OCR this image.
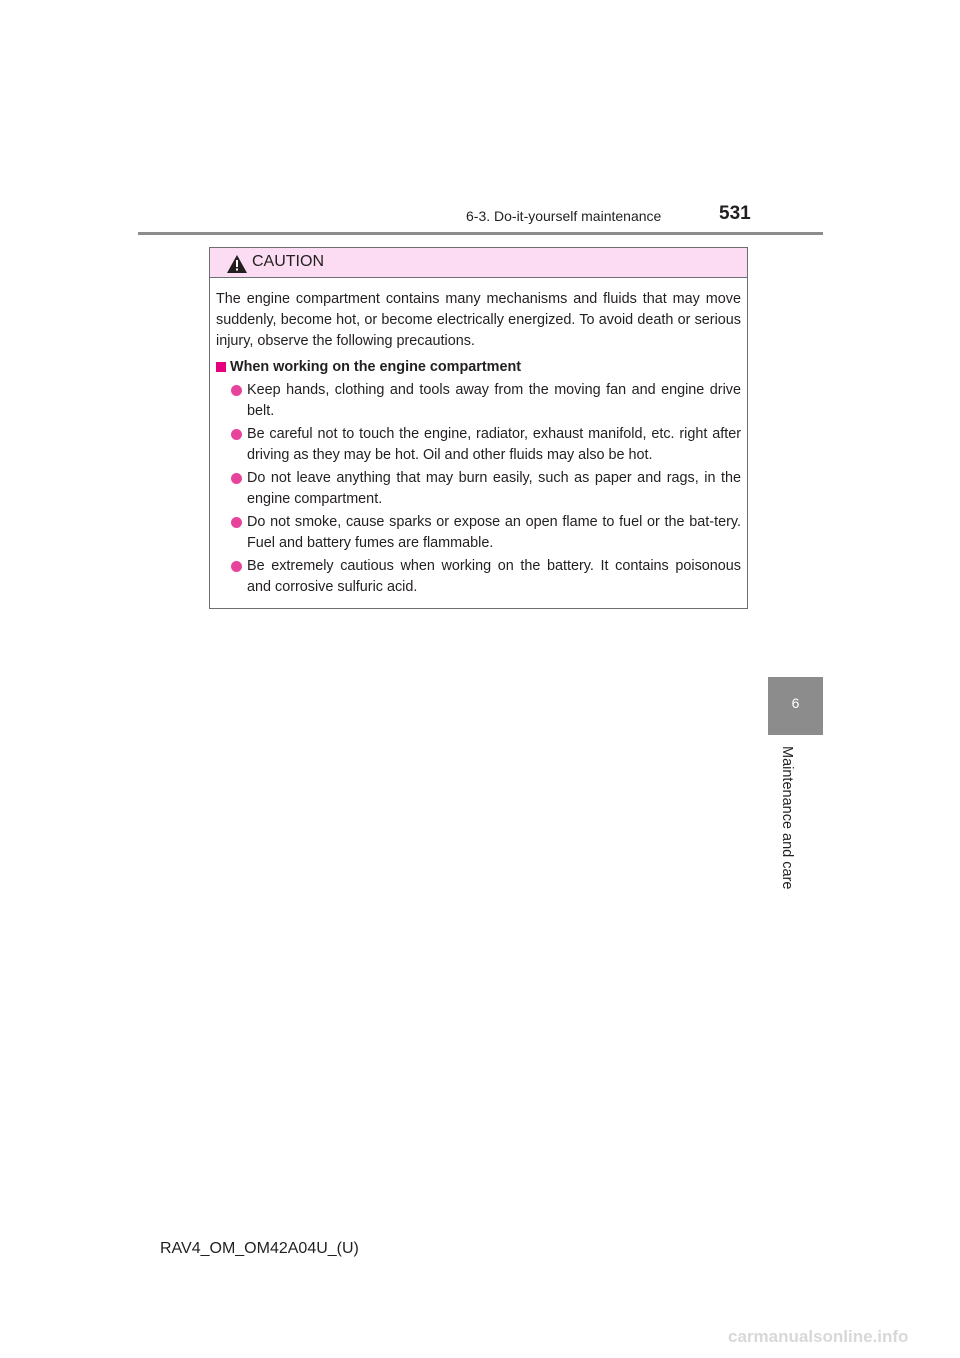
6-3. Do-it-yourself maintenance	531
CAUTION

The engine compartment contains many mechanisms and fluids that may move suddenly, become hot, or become electrically energized. To avoid death or serious injury, observe the following precautions.

When working on the engine compartment
Keep hands, clothing and tools away from the moving fan and engine drive belt.
Be careful not to touch the engine, radiator, exhaust manifold, etc. right after driving as they may be hot. Oil and other fluids may also be hot.
Do not leave anything that may burn easily, such as paper and rags, in the engine compartment.
Do not smoke, cause sparks or expose an open flame to fuel or the bat-tery. Fuel and battery fumes are flammable.
Be extremely cautious when working on the battery. It contains poisonous and corrosive sulfuric acid.
6
Maintenance and care
RAV4_OM_OM42A04U_(U)
carmanualsonline.info
